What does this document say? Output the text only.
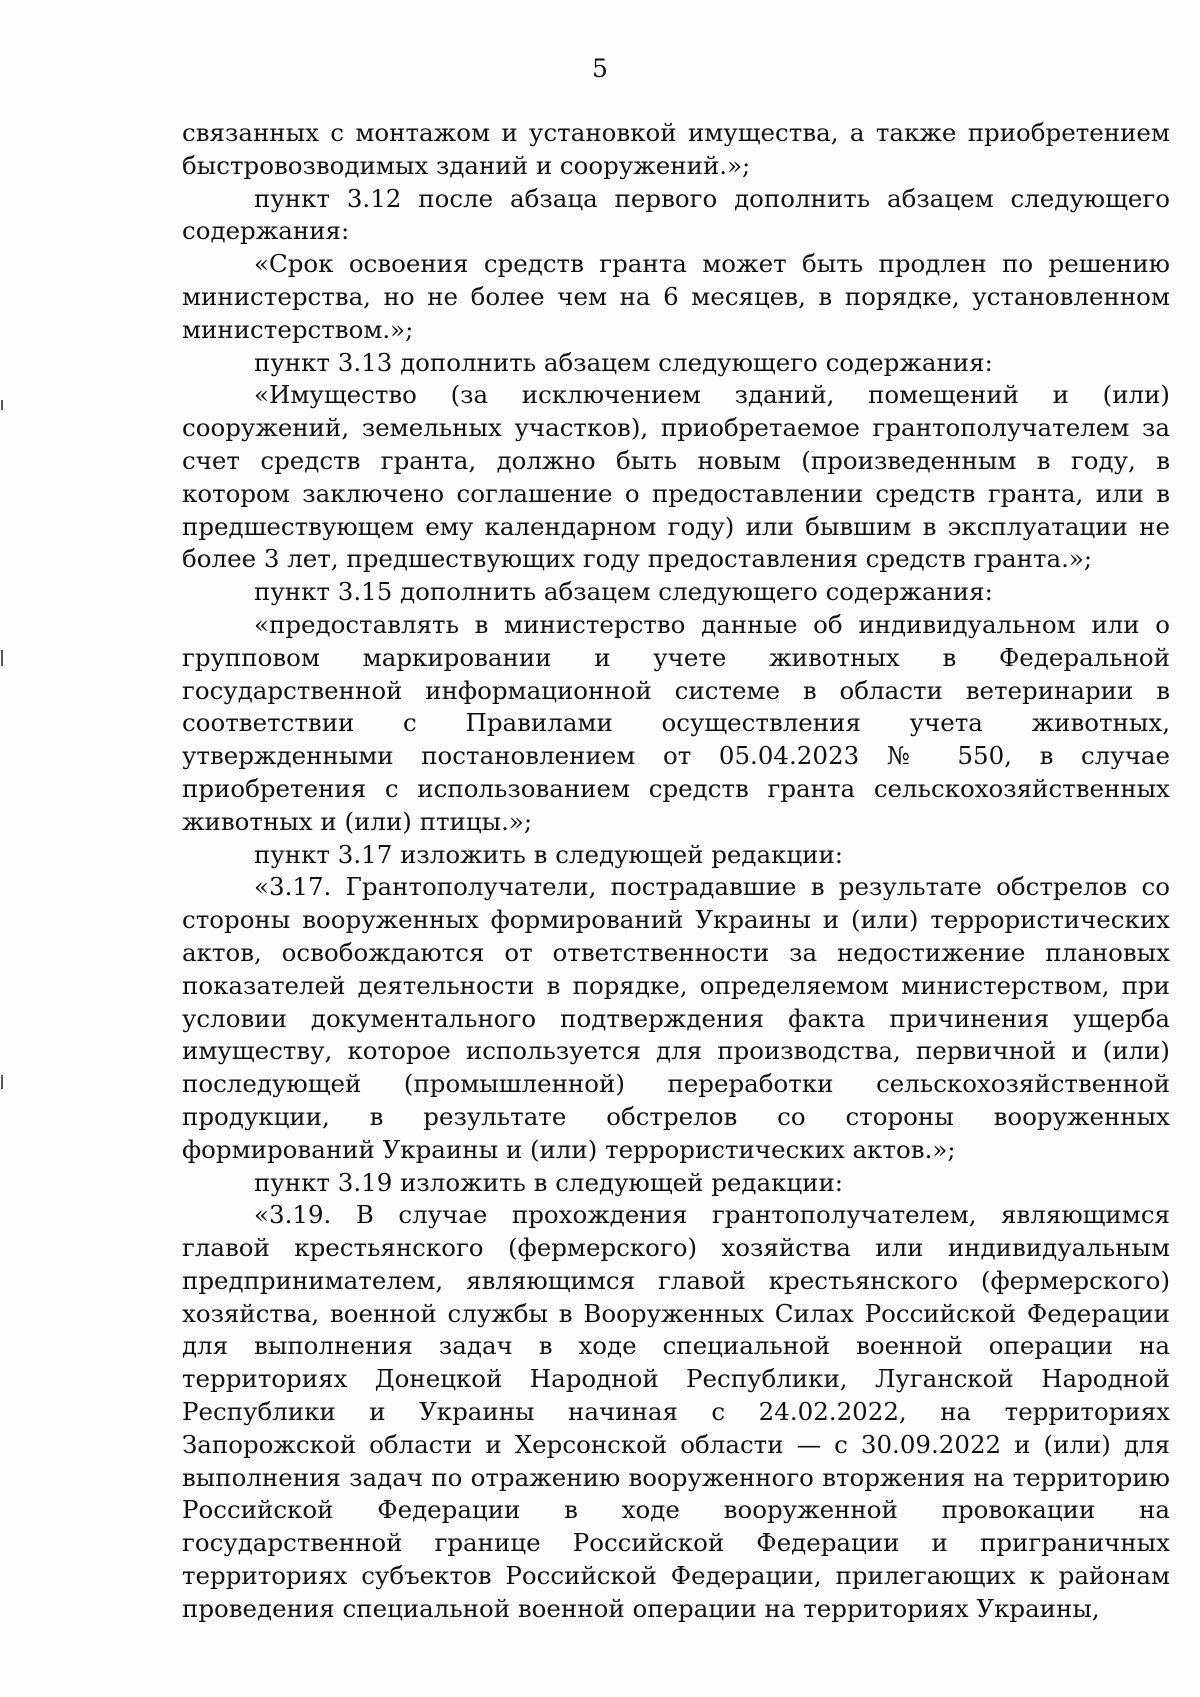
5

связанных с монтажом и установкой имущества, а также приобретением быстровозводимых зданий и сооружений.»;

пункт 3.12 после абзаца первого дополнить абзацем следующего содержания:

«Срок освоения средств гранта может быть продлен по решению министерства, но не более чем на 6 месяцев, в порядке, установленном министерством.»;

пункт 3.13 дополнить абзацем следующего содержания:

«Имущество (за исключением зданий, помещений и (или) сооружений, земельных участков), приобретаемое грантополучателем за счет средств гранта, должно быть новым (произведенным в году, в котором заключено соглашение о предоставлении средств гранта, или в предшествующем ему календарном году) или бывшим в эксплуатации не более 3 лет, предшествующих году предоставления средств гранта.»;

пункт 3.15 дополнить абзацем следующего содержания:

«предоставлять в министерство данные об индивидуальном или о групповом маркировании и учете животных в Федеральной государственной информационной системе в области ветеринарии в соответствии с Правилами осуществления учета животных, утвержденными постановлением от 05.04.2023 № 550, в случае приобретения с использованием средств гранта сельскохозяйственных животных и (или) птицы.»;

пункт 3.17 изложить в следующей редакции:

«3.17. Грантополучатели, пострадавшие в результате обстрелов со стороны вооруженных формирований Украины и (или) террористических актов, освобождаются от ответственности за недостижение плановых показателей деятельности в порядке, определяемом министерством, при условии документального подтверждения факта причинения ущерба имуществу, которое используется для производства, первичной и (или) последующей (промышленной) переработки сельскохозяйственной продукции, в результате обстрелов со стороны вооруженных формирований Украины и (или) террористических актов.»;

пункт 3.19 изложить в следующей редакции:

«3.19. В случае прохождения грантополучателем, являющимся главой крестьянского (фермерского) хозяйства или индивидуальным предпринимателем, являющимся главой крестьянского (фермерского) хозяйства, военной службы в Вооруженных Силах Российской Федерации для выполнения задач в ходе специальной военной операции на территориях Донецкой Народной Республики, Луганской Народной Республики и Украины начиная с 24.02.2022, на территориях Запорожской области и Херсонской области — с 30.09.2022 и (или) для выполнения задач по отражению вооруженного вторжения на территорию Российской Федерации в ходе вооруженной провокации на государственной границе Российской Федерации и приграничных территориях субъектов Российской Федерации, прилегающих к районам проведения специальной военной операции на территориях Украины,
